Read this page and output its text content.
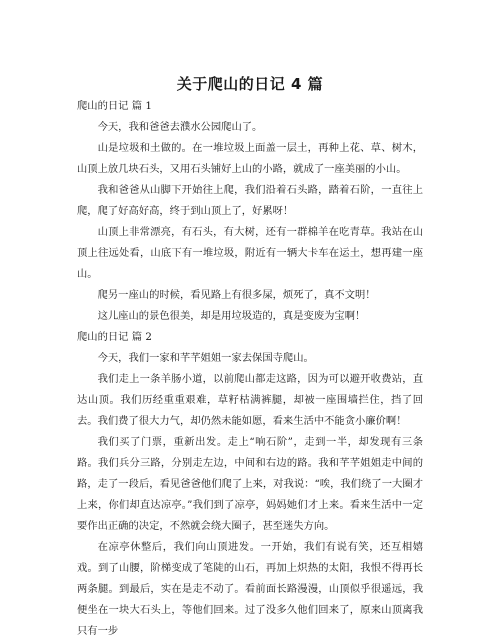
关于爬山的日记 4 篇

爬山的日记 篇 1

今天，我和爸爸去濮水公园爬山了。

山是垃圾和土做的。在一堆垃圾上面盖一层土，再种上花、草、树木，山顶上放几块石头，又用石头铺好上山的小路，就成了一座美丽的小山。

我和爸爸从山脚下开始往上爬，我们沿着石头路，踏着石阶，一直往上爬，爬了好高好高，终于到山顶上了，好累呀！

山顶上非常漂亮，有石头，有大树，还有一群棉羊在吃青草。我站在山顶上往远处看，山底下有一堆垃圾，附近有一辆大卡车在运土，想再建一座山。

爬另一座山的时候，看见路上有很多屎，烦死了，真不文明！

这儿座山的景色很美，却是用垃圾造的，真是变废为宝啊！

爬山的日记 篇 2

今天，我们一家和芊芊姐姐一家去保国寺爬山。

我们走上一条羊肠小道，以前爬山都走这路，因为可以避开收费站，直达山顶。我们历经重重艰难，草籽枯满裤腿，却被一座围墙拦住，挡了回去。我们费了很大力气，却仍然未能如愿，看来生活中不能贪小廉价啊！

我们买了门票，重新出发。走上“响石阶”，走到一半，却发现有三条路。我们兵分三路，分别走左边，中间和右边的路。我和芊芊姐姐走中间的路，走了一段后，看见爸爸他们爬了上来，对我说：“唉，我们绕了一大圈才上来，你们却直达凉亭。”我们到了凉亭，妈妈她们才上来。看来生活中一定要作出正确的决定，不然就会绕大圈子，甚至迷失方向。

在凉亭休整后，我们向山顶进发。一开始，我们有说有笑，还互相嬉戏。到了山腰，阶梯变成了笔陡的山石，再加上炽热的太阳，我恨不得再长两条腿。到最后，实在是走不动了。看前面长路漫漫，山顶似乎很遥远，我便坐在一块大石头上，等他们回来。过了没多久他们回来了，原来山顶离我只有一步
